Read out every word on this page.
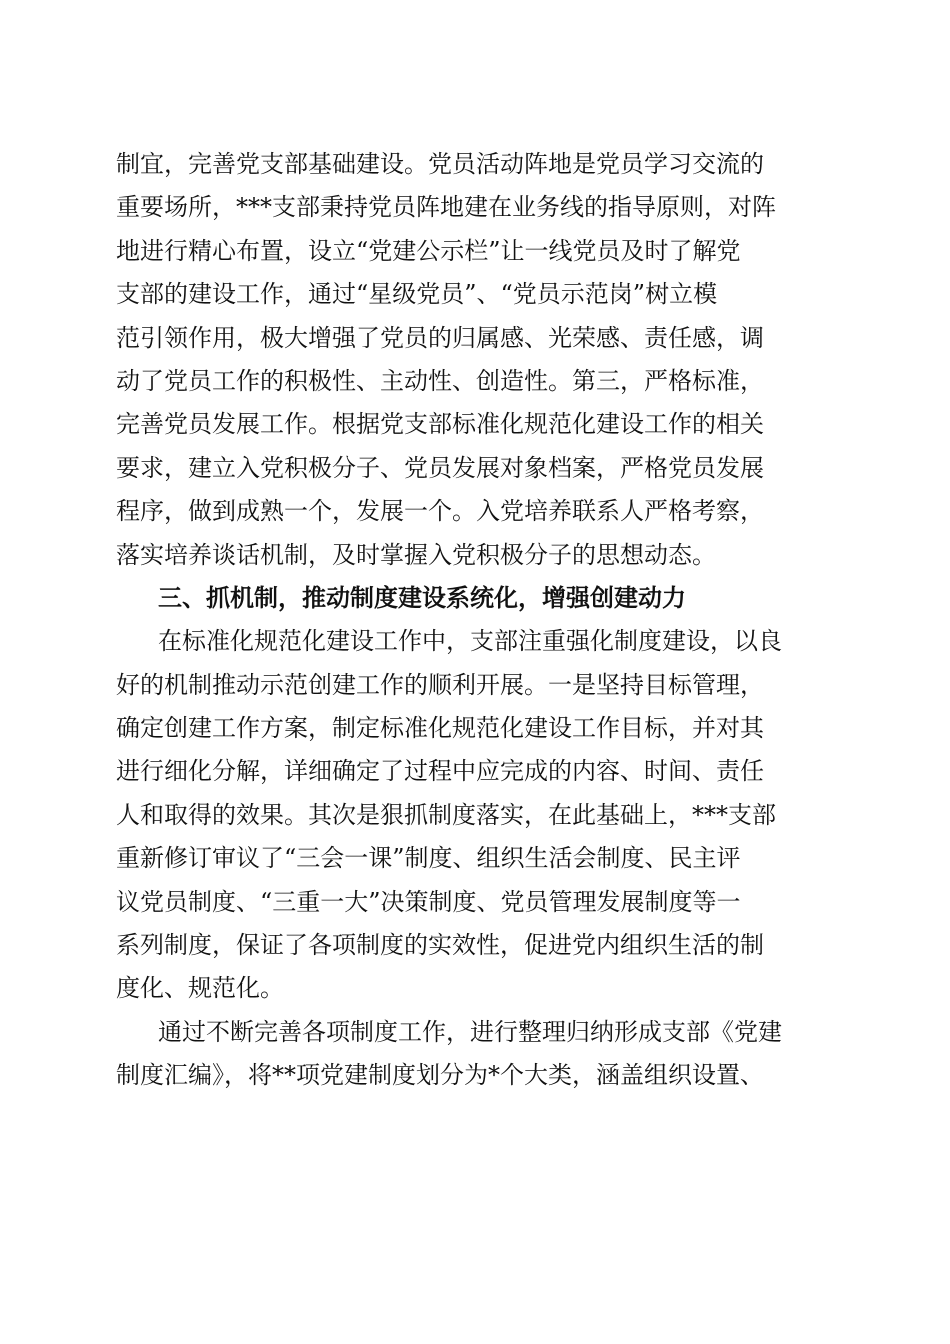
制宜，完善党支部基础建设。党员活动阵地是党员学习交流的
重要场所，***支部秉持党员阵地建在业务线的指导原则，对阵
地进行精心布置，设立“党建公示栏”让一线党员及时了解党
支部的建设工作，通过“星级党员”、“党员示范岗”树立模
范引领作用，极大增强了党员的归属感、光荣感、责任感，调
动了党员工作的积极性、主动性、创造性。第三，严格标准，
完善党员发展工作。根据党支部标准化规范化建设工作的相关
要求，建立入党积极分子、党员发展对象档案，严格党员发展
程序，做到成熟一个，发展一个。入党培养联系人严格考察，
落实培养谈话机制，及时掌握入党积极分子的思想动态。
三、抓机制，推动制度建设系统化，增强创建动力
在标准化规范化建设工作中，支部注重强化制度建设，以良
好的机制推动示范创建工作的顺利开展。一是坚持目标管理，
确定创建工作方案，制定标准化规范化建设工作目标，并对其
进行细化分解，详细确定了过程中应完成的内容、时间、责任
人和取得的效果。其次是狠抓制度落实，在此基础上，***支部
重新修订审议了“三会一课”制度、组织生活会制度、民主评
议党员制度、“三重一大”决策制度、党员管理发展制度等一
系列制度，保证了各项制度的实效性，促进党内组织生活的制
度化、规范化。
通过不断完善各项制度工作，进行整理归纳形成支部《党建
制度汇编》，将**项党建制度划分为*个大类，涵盖组织设置、
